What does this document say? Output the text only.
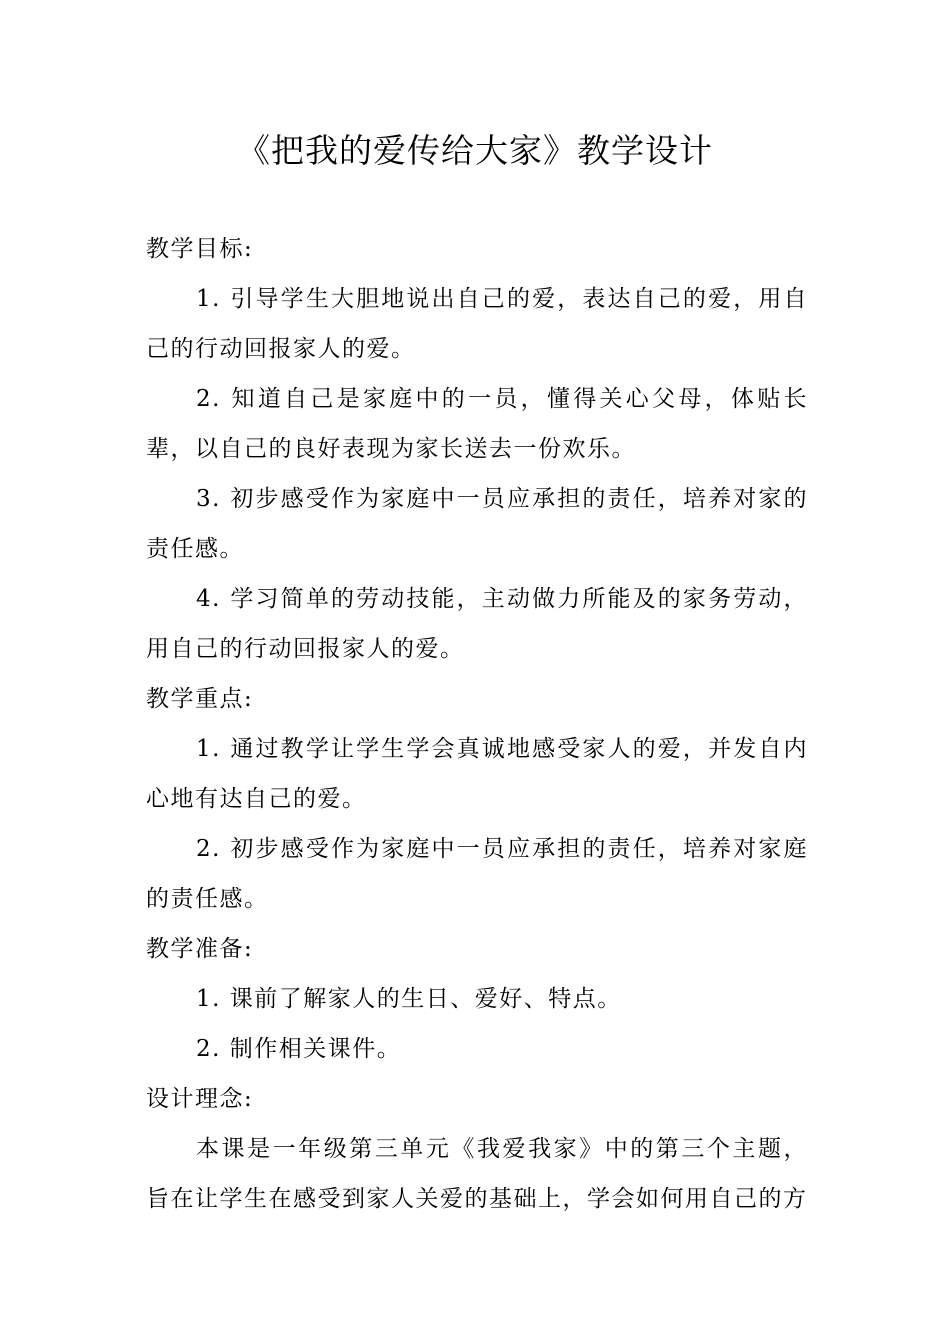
《把我的爱传给大家》教学设计
教学目标:

1. 引导学生大胆地说出自己的爱，表达自己的爱，用自己的行动回报家人的爱。

2. 知道自己是家庭中的一员，懂得关心父母，体贴长辈，以自己的良好表现为家长送去一份欢乐。

3. 初步感受作为家庭中一员应承担的责任，培养对家的责任感。

4. 学习简单的劳动技能，主动做力所能及的家务劳动，用自己的行动回报家人的爱。

教学重点:

1. 通过教学让学生学会真诚地感受家人的爱，并发自内心地有达自己的爱。

2. 初步感受作为家庭中一员应承担的责任，培养对家庭的责任感。

教学准备:

1. 课前了解家人的生日、爱好、特点。

2. 制作相关课件。

设计理念:

本课是一年级第三单元《我爱我家》中的第三个主题，旨在让学生在感受到家人关爱的基础上，学会如何用自己的方
